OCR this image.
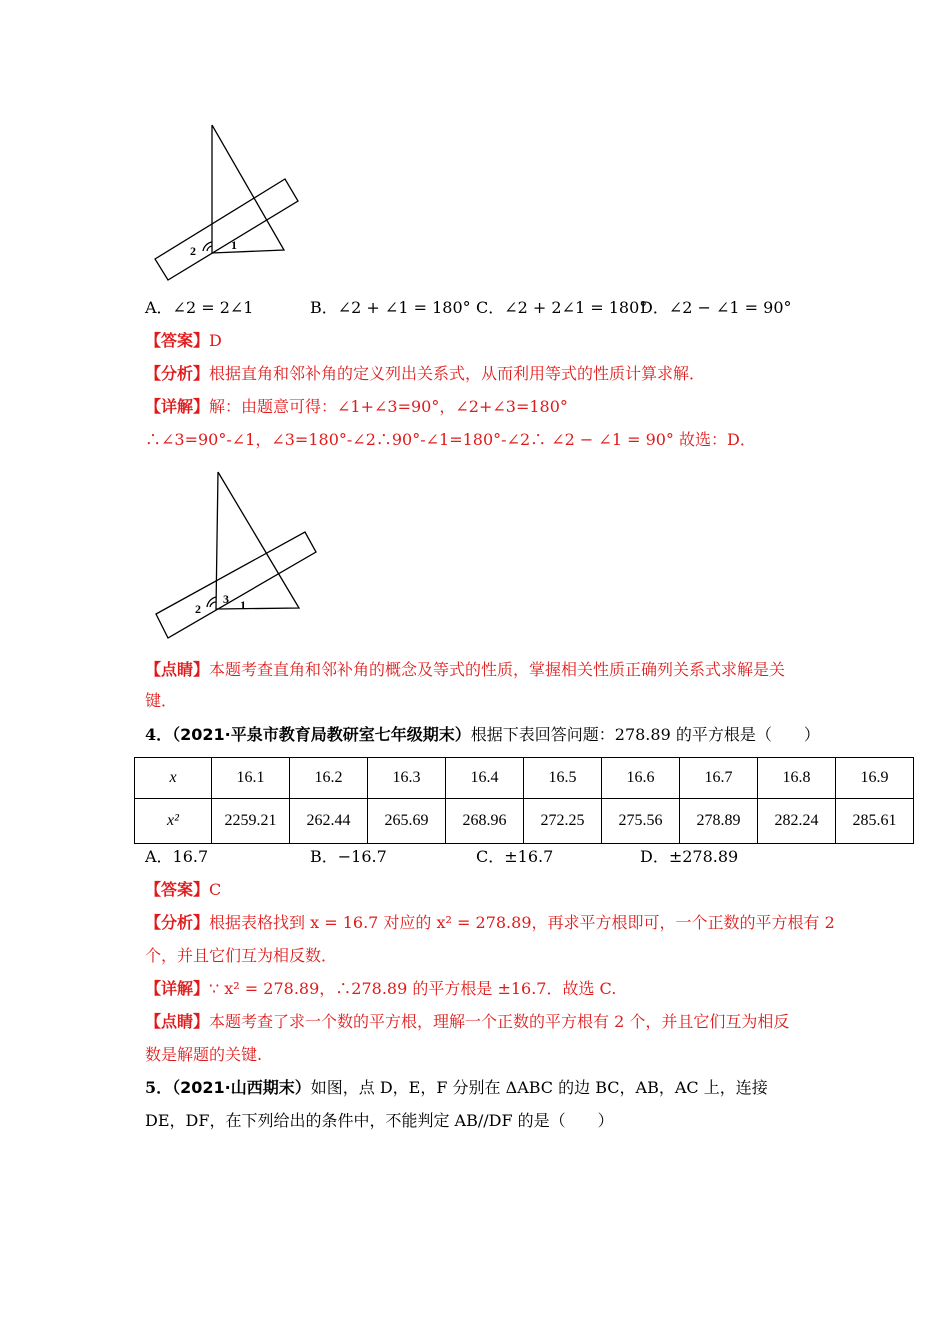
2	1
A．∠2 = 2∠1	B．∠2 + ∠1 = 180° C．∠2 + 2∠1 = 180°
D．∠2 − ∠1 = 90°
【答案】D
【分析】根据直角和邻补角的定义列出关系式，从而利用等式的性质计算求解．
【详解】解：由题意可得：∠1+∠3=90°，∠2+∠3=180°
∴∠3=90°-∠1，∠3=180°-∠2∴90°-∠1=180°-∠2∴ ∠2 − ∠1 = 90° 故选：D．
2
3 1
【点睛】本题考查直角和邻补角的概念及等式的性质，掌握相关性质正确列关系式求解是关
键．
4．（2021·平泉市教育局教研室七年级期末）根据下表回答问题：278.89 的平方根是（　　）
x	16.1	16.2	16.3	16.4	16.5	16.6	16.7	16.8	16.9
x²	2259.21	262.44	265.69	268.96	272.25	275.56	278.89	282.24	285.61
A．16.7	B．−16.7	C．±16.7	D．±278.89
【答案】C
【分析】根据表格找到 x = 16.7 对应的 x² = 278.89，再求平方根即可，一个正数的平方根有 2
个，并且它们互为相反数．
【详解】∵ x² = 278.89，∴278.89 的平方根是 ±16.7．故选 C.
【点睛】本题考查了求一个数的平方根，理解一个正数的平方根有 2 个，并且它们互为相反
数是解题的关键.
5．（2021·山西期末）如图，点 D，E，F 分别在 ΔABC 的边 BC，AB，AC 上，连接
DE，DF，在下列给出的条件中，不能判定 AB//DF 的是（　　）
